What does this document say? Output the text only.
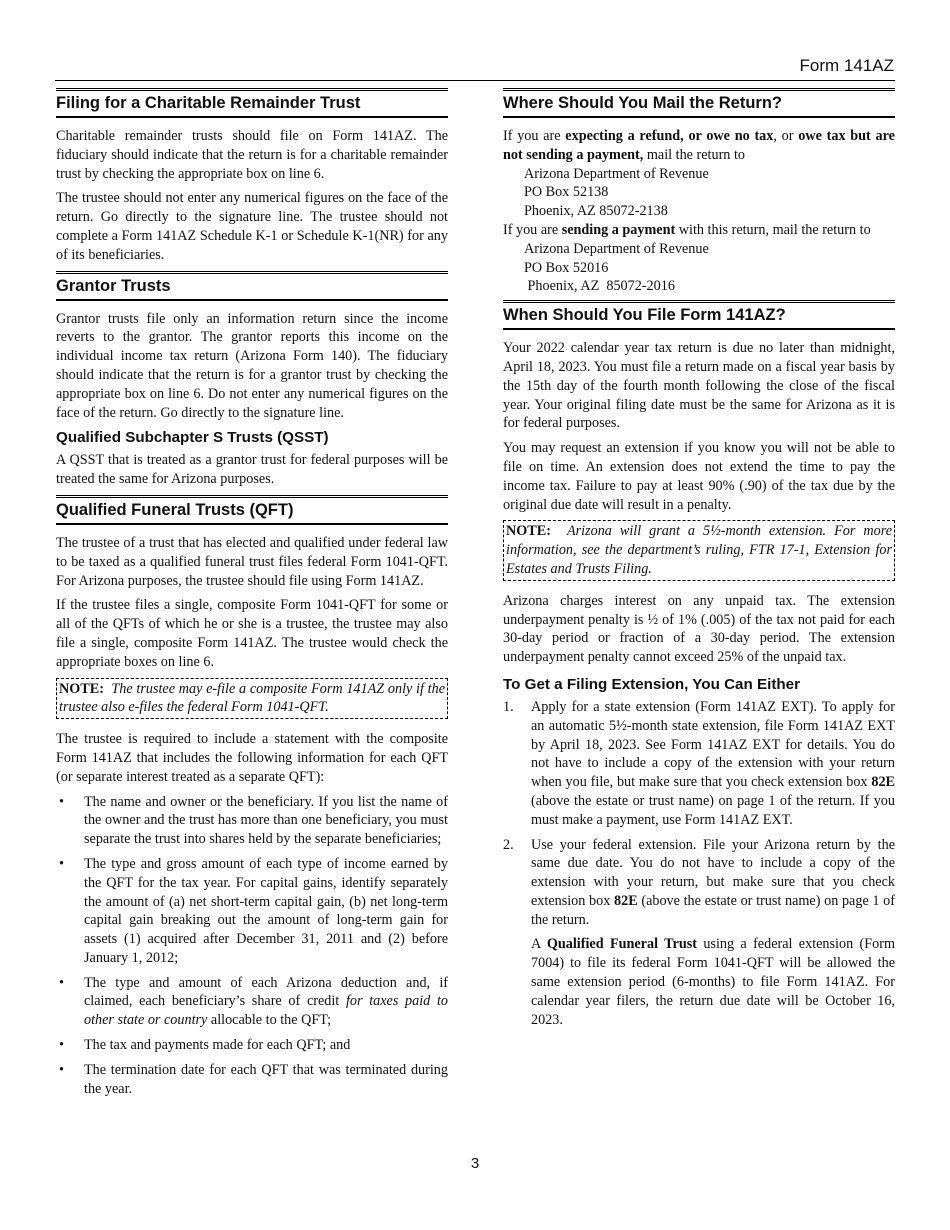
Form 141AZ
Filing for a Charitable Remainder Trust

Charitable remainder trusts should file on Form 141AZ. The fiduciary should indicate that the return is for a charitable remainder trust by checking the appropriate box on line 6.

The trustee should not enter any numerical figures on the face of the return. Go directly to the signature line. The trustee should not complete a Form 141AZ Schedule K-1 or Schedule K-1(NR) for any of its beneficiaries.

Grantor Trusts

Grantor trusts file only an information return since the income reverts to the grantor. The grantor reports this income on the individual income tax return (Arizona Form 140). The fiduciary should indicate that the return is for a grantor trust by checking the appropriate box on line 6. Do not enter any numerical figures on the face of the return. Go directly to the signature line.

Qualified Subchapter S Trusts (QSST)

A QSST that is treated as a grantor trust for federal purposes will be treated the same for Arizona purposes.

Qualified Funeral Trusts (QFT)

The trustee of a trust that has elected and qualified under federal law to be taxed as a qualified funeral trust files federal Form 1041-QFT. For Arizona purposes, the trustee should file using Form 141AZ.

If the trustee files a single, composite Form 1041-QFT for some or all of the QFTs of which he or she is a trustee, the trustee may also file a single, composite Form 141AZ. The trustee would check the appropriate boxes on line 6.

NOTE: The trustee may e-file a composite Form 141AZ only if the trustee also e-files the federal Form 1041-QFT.

The trustee is required to include a statement with the composite Form 141AZ that includes the following information for each QFT (or separate interest treated as a separate QFT):

• The name and owner or the beneficiary. If you list the name of the owner and the trust has more than one beneficiary, you must separate the trust into shares held by the separate beneficiaries;
• The type and gross amount of each type of income earned by the QFT for the tax year. For capital gains, identify separately the amount of (a) net short-term capital gain, (b) net long-term capital gain breaking out the amount of long-term gain for assets (1) acquired after December 31, 2011 and (2) before January 1, 2012;
• The type and amount of each Arizona deduction and, if claimed, each beneficiary’s share of credit for taxes paid to other state or country allocable to the QFT;
• The tax and payments made for each QFT; and
• The termination date for each QFT that was terminated during the year.
Where Should You Mail the Return?

If you are expecting a refund, or owe no tax, or owe tax but are not sending a payment, mail the return to

Arizona Department of Revenue
PO Box 52138
Phoenix, AZ 85072-2138

If you are sending a payment with this return, mail the return to

Arizona Department of Revenue
PO Box 52016
Phoenix, AZ  85072-2016
When Should You File Form 141AZ?

Your 2022 calendar year tax return is due no later than midnight, April 18, 2023. You must file a return made on a fiscal year basis by the 15th day of the fourth month following the close of the fiscal year. Your original filing date must be the same for Arizona as it is for federal purposes.

You may request an extension if you know you will not be able to file on time. An extension does not extend the time to pay the income tax. Failure to pay at least 90% (.90) of the tax due by the original due date will result in a penalty.

NOTE: Arizona will grant a 5½-month extension. For more information, see the department’s ruling, FTR 17-1, Extension for Estates and Trusts Filing.

Arizona charges interest on any unpaid tax. The extension underpayment penalty is ½ of 1% (.005) of the tax not paid for each 30-day period or fraction of a 30-day period. The extension underpayment penalty cannot exceed 25% of the unpaid tax.

To Get a Filing Extension, You Can Either
1. Apply for a state extension (Form 141AZ EXT). To apply for an automatic 5½-month state extension, file Form 141AZ EXT by April 18, 2023. See Form 141AZ EXT for details. You do not have to include a copy of the extension with your return when you file, but make sure that you check extension box 82E (above the estate or trust name) on page 1 of the return. If you must make a payment, use Form 141AZ EXT.
2. Use your federal extension. File your Arizona return by the same due date. You do not have to include a copy of the extension with your return, but make sure that you check extension box 82E (above the estate or trust name) on page 1 of the return.
A Qualified Funeral Trust using a federal extension (Form 7004) to file its federal Form 1041-QFT will be allowed the same extension period (6-months) to file Form 141AZ. For calendar year filers, the return due date will be October 16, 2023.
3
